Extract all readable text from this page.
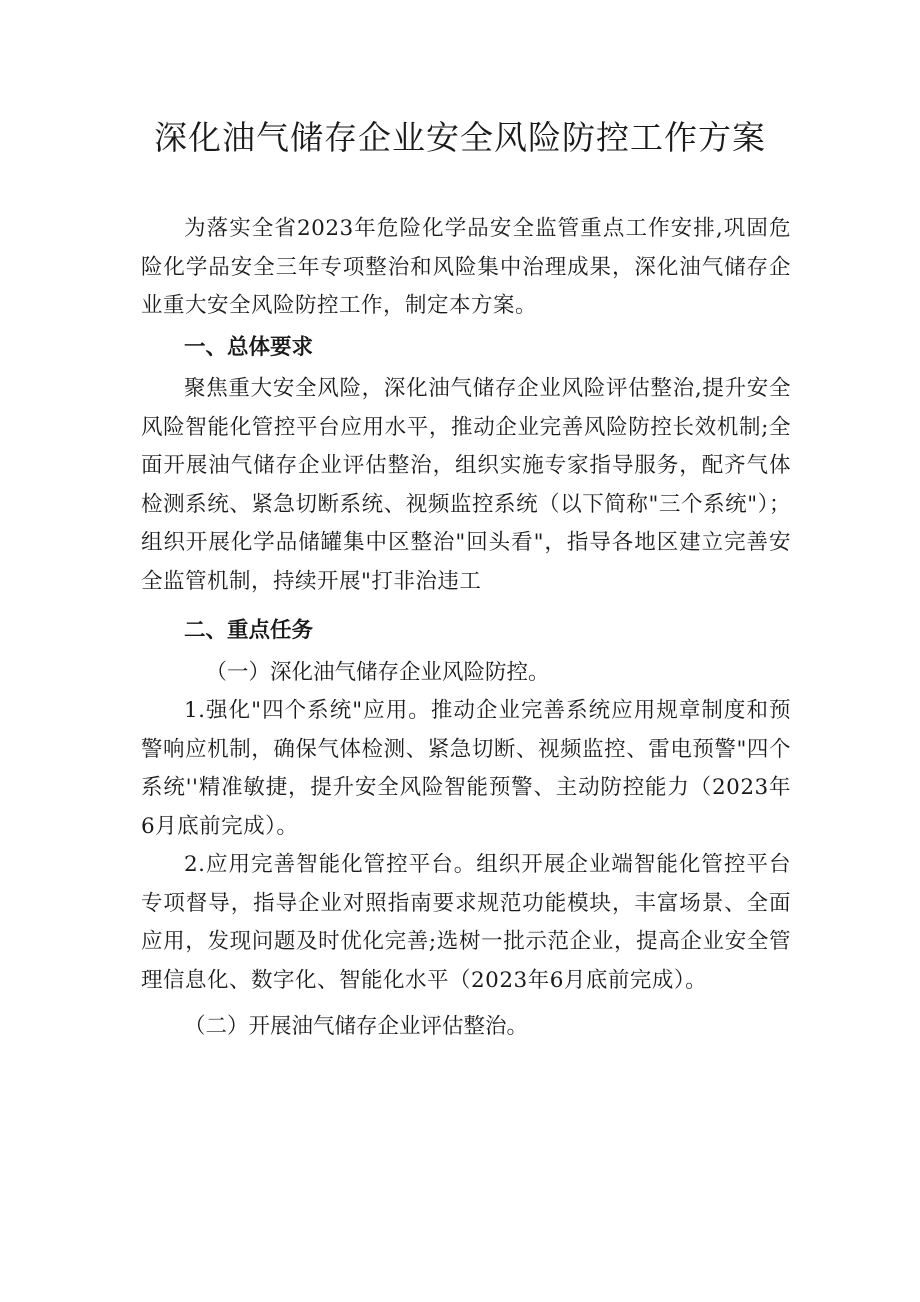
深化油气储存企业安全风险防控工作方案

为落实全省2023年危险化学品安全监管重点工作安排,巩固危险化学品安全三年专项整治和风险集中治理成果，深化油气储存企业重大安全风险防控工作，制定本方案。

一、总体要求

聚焦重大安全风险，深化油气储存企业风险评估整治,提升安全风险智能化管控平台应用水平，推动企业完善风险防控长效机制;全面开展油气储存企业评估整治，组织实施专家指导服务，配齐气体检测系统、紧急切断系统、视频监控系统（以下简称"三个系统"）；组织开展化学品储罐集中区整治"回头看"，指导各地区建立完善安全监管机制，持续开展"打非治违工

二、重点任务

（一）深化油气储存企业风险防控。

1.强化"四个系统"应用。推动企业完善系统应用规章制度和预警响应机制，确保气体检测、紧急切断、视频监控、雷电预警"四个系统''精准敏捷，提升安全风险智能预警、主动防控能力（2023年6月底前完成）。

2.应用完善智能化管控平台。组织开展企业端智能化管控平台专项督导，指导企业对照指南要求规范功能模块，丰富场景、全面应用，发现问题及时优化完善;选树一批示范企业，提高企业安全管理信息化、数字化、智能化水平（2023年6月底前完成）。

（二）开展油气储存企业评估整治。
